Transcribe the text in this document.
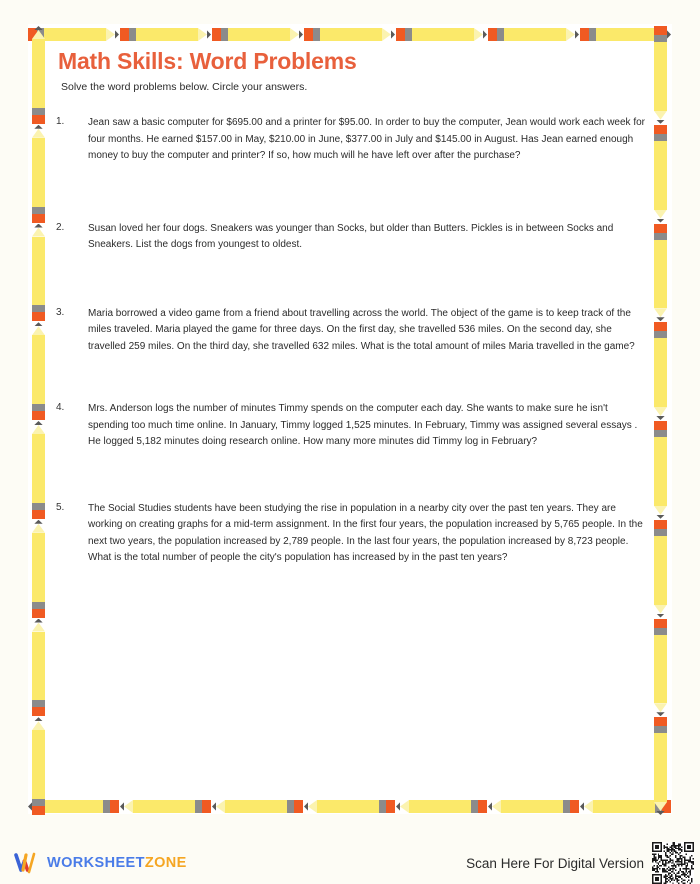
Math Skills: Word Problems

Solve the word problems below. Circle your answers.

1.	Jean saw a basic computer for $695.00 and a printer for $95.00. In order to buy the computer, Jean would work each week for four months. He earned $157.00 in May, $210.00 in June, $377.00 in July and $145.00 in August. Has Jean earned enough money to buy the computer and printer? If so, how much will he have left over after the purchase?
2.	Susan loved her four dogs. Sneakers was younger than Socks, but older than Butters. Pickles is in between Socks and Sneakers. List the dogs from youngest to oldest.
3.	Maria borrowed a video game from a friend about travelling across the world. The object of the game is to keep track of the miles traveled. Maria played the game for three days. On the first day, she travelled 536 miles. On the second day, she travelled 259 miles. On the third day, she travelled 632 miles. What is the total amount of miles Maria travelled in the game?
4.	Mrs. Anderson logs the number of minutes Timmy spends on the computer each day. She wants to make sure he isn't spending too much time online. In January, Timmy logged 1,525 minutes. In February, Timmy was assigned several essays . He logged 5,182 minutes doing research online. How many more minutes did Timmy log in February?
5.	The Social Studies students have been studying the rise in population in a nearby city over the past ten years. They are working on creating graphs for a mid-term assignment. In the first four years, the population increased by 5,765 people. In the next two years, the population increased by 2,789 people. In the last four years, the population increased by 8,723 people. What is the total number of people the city's population has increased by in the past ten years?
WORKSHEETZONE	Scan Here For Digital Version
